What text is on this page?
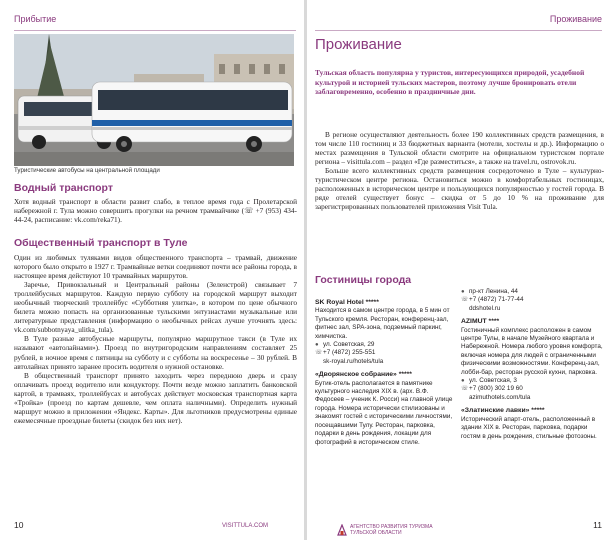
Прибытие
Туристические автобусы на центральной площади
Водный транспорт

Хотя водный транспорт в области развит слабо, в теплое время года с Пролетарской набережной г. Тула можно совершить прогулки на речном трамвайчике (☏ +7 (953) 434-44-24, расписание: vk.com/reka71).

Общественный транспорт в Туле

Один из любимых туляками видов общественного транспорта – трамвай, движение которого было открыто в 1927 г. Трамвайные ветки соединяют почти все районы города, в настоящее время действуют 10 трамвайных маршрутов.

Заречье, Привокзальный и Центральный районы (Зеленстрой) связывает 7 троллейбусных маршрутов. Каждую первую субботу на городской маршрут выходит необычный творческий троллейбус «Субботняя улитка», в котором по цене обычного билета можно попасть на организованные тульскими энтузиастами музыкальные или литературные представления (информацию о необычных рейсах лучше уточнять здесь: vk.com/subbotnyaya_ulitka_tula).

В Туле разные автобусные маршруты, популярно маршрутное такси (в Туле их называют «автолайнами»). Проезд по внутригородским направлениям составляет 25 рублей, в ночное время с пятницы на субботу и с субботы на воскресенье – 30 рублей. В автолайнах принято заранее просить водителя о нужной остановке.

В общественный транспорт принято заходить через переднюю дверь и сразу оплачивать проезд водителю или кондуктору. Почти везде можно заплатить банковской картой, в трамваях, троллейбусах и автобусах действует московская транспортная карта «Тройка» (проезд по картам дешевле, чем оплата наличными). Определить нужный маршрут можно в приложении «Яндекс. Карты». Для льготников предусмотрены единые ежемесячные проездные билеты (скидок без них нет).

10	VISITTULA.COM
Проживание
Проживание
Тульская область популярна у туристов, интересующихся природой, усадебной культурой и историей тульских мастеров, поэтому лучше бронировать отели заблаговременно, особенно в праздничные дни.

В регионе осуществляют деятельность более 190 коллективных средств размещения, в том числе 110 гостиниц и 33 бюджетных варианта (мотели, хостелы и др.). Информацию о местах размещения в Тульской области смотрите на официальном туристском портале региона – visittula.com – раздел «Где разместиться», а также на travel.ru, ostrovok.ru.

Больше всего коллективных средств размещения сосредоточено в Туле – культурно-туристическом центре региона. Остановиться можно в комфортабельных гостиницах, расположенных в историческом центре и пользующихся популярностью у гостей города. В ряде отелей существует бонус – скидка от 5 до 10 % на проживание для зарегистрированных пользователей приложения Visit Tula.

Гостиницы города

SK Royal Hotel *****

Находится в самом центре города, в 5 мин от Тульского кремля. Ресторан, конференц-зал, фитнес зал, SPA-зона, подземный паркинг, химчистка.

● ул. Советская, 29

☏ +7 (4872) 255-551

sk-royal.ru/hotels/tula

«Дворянское собрание» *****

Бутик-отель располагается в памятнике культурного наследия XIX в. (арх. В.Ф. Федосеев – ученик К. Росси) на главной улице города. Номера исторически стилизованы и знакомят гостей с историческими личностями, посещавшими Тулу. Ресторан, парковка, подарки в день рождения, локации для фотографий в историческом стиле.

● пр-кт Ленина, 44

☏ +7 (4872) 71-77-44

ddshotel.ru

AZIMUT ****

Гостиничный комплекс расположен в самом центре Тулы, в начале Музейного квартала и Набережной. Номера любого уровня комфорта, включая номера для людей с ограниченными физическими возможностями. Конференц-зал, лобби-бар, ресторан русской кухни, парковка.

● ул. Советская, 3

☏ +7 (800) 302 19 60

azimuthotels.com/tula

«Златинские лавки» *****

Исторический апарт-отель, расположенный в здании XIX в. Ресторан, парковка, подарки гостям в день рождения, стильные фотозоны.

АГЕНТСТВО РАЗВИТИЯ ТУРИЗМА
ТУЛЬСКОЙ ОБЛАСТИ
11
